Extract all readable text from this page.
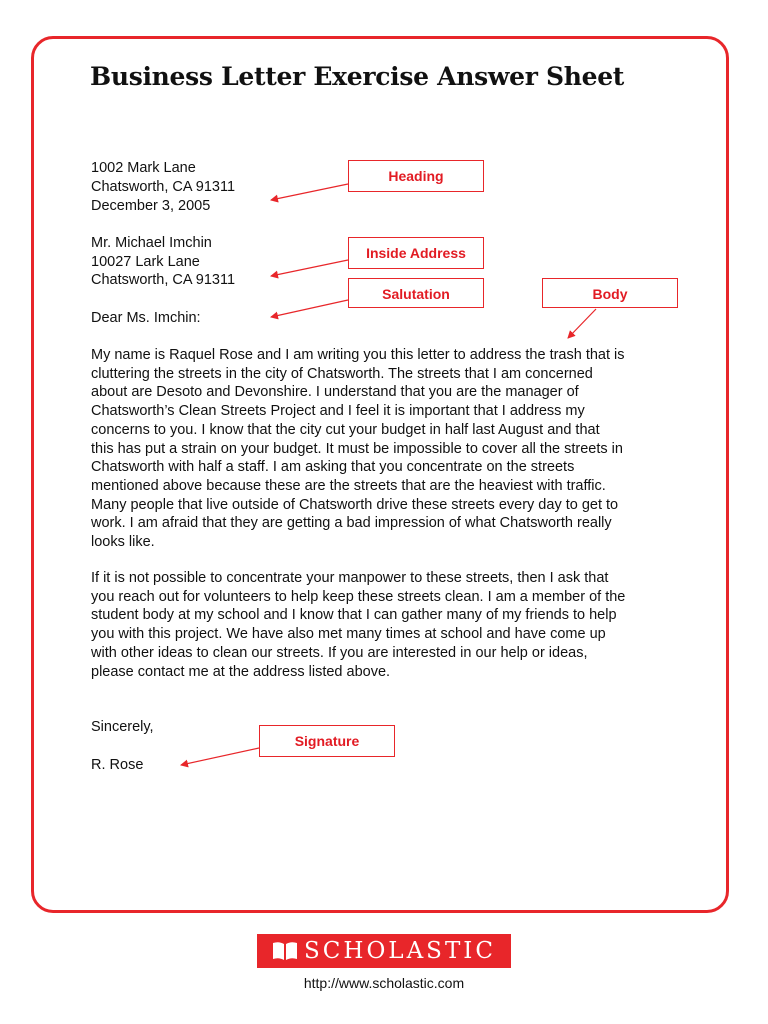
Business Letter Exercise Answer Sheet
1002 Mark Lane
Chatsworth, CA 91311
December 3, 2005
Mr. Michael Imchin
10027 Lark Lane
Chatsworth, CA 91311
Dear Ms. Imchin:
My name is Raquel Rose and I am writing you this letter to address the trash that is
cluttering the streets in the city of Chatsworth. The streets that I am concerned
about are Desoto and Devonshire. I understand that you are the manager of
Chatsworth’s Clean Streets Project and I feel it is important that I address my
concerns to you. I know that the city cut your budget in half last August and that
this has put a strain on your budget. It must be impossible to cover all the streets in
Chatsworth with half a staff. I am asking that you concentrate on the streets
mentioned above because these are the streets that are the heaviest with traffic.
Many people that live outside of Chatsworth drive these streets every day to get to
work. I am afraid that they are getting a bad impression of what Chatsworth really
looks like.
If it is not possible to concentrate your manpower to these streets, then I ask that
you reach out for volunteers to help keep these streets clean. I am a member of the
student body at my school and I know that I can gather many of my friends to help
you with this project. We have also met many times at school and have come up
with other ideas to clean our streets. If you are interested in our help or ideas,
please contact me at the address listed above.
Sincerely,
R. Rose
Heading
Inside Address
Salutation	Body
Signature
SCHOLASTIC
http://www.scholastic.com
